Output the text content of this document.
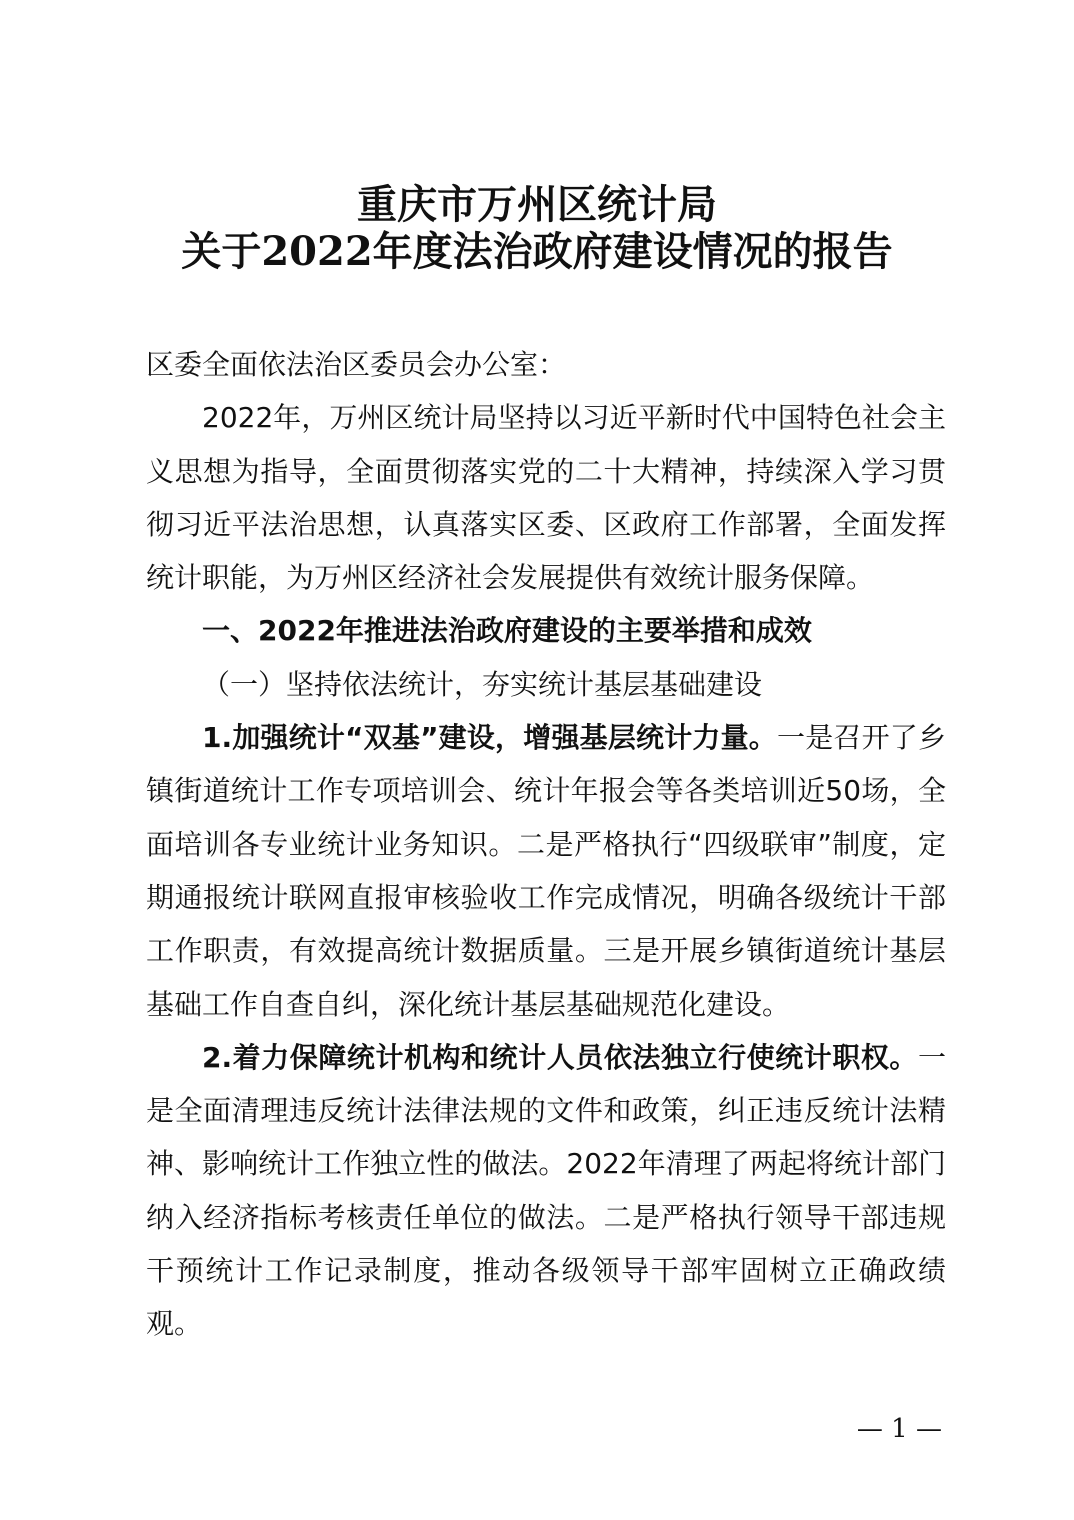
重庆市万州区统计局
关于2022年度法治政府建设情况的报告

区委全面依法治区委员会办公室：

2022年，万州区统计局坚持以习近平新时代中国特色社会主义思想为指导，全面贯彻落实党的二十大精神，持续深入学习贯彻习近平法治思想，认真落实区委、区政府工作部署，全面发挥统计职能，为万州区经济社会发展提供有效统计服务保障。

一、2022年推进法治政府建设的主要举措和成效

（一）坚持依法统计，夯实统计基层基础建设

1.加强统计“双基”建设，增强基层统计力量。一是召开了乡镇街道统计工作专项培训会、统计年报会等各类培训近50场，全面培训各专业统计业务知识。二是严格执行“四级联审”制度，定期通报统计联网直报审核验收工作完成情况，明确各级统计干部工作职责，有效提高统计数据质量。三是开展乡镇街道统计基层基础工作自查自纠，深化统计基层基础规范化建设。

2.着力保障统计机构和统计人员依法独立行使统计职权。一是全面清理违反统计法律法规的文件和政策，纠正违反统计法精神、影响统计工作独立性的做法。2022年清理了两起将统计部门纳入经济指标考核责任单位的做法。二是严格执行领导干部违规干预统计工作记录制度，推动各级领导干部牢固树立正确政绩观。

— 1 —
